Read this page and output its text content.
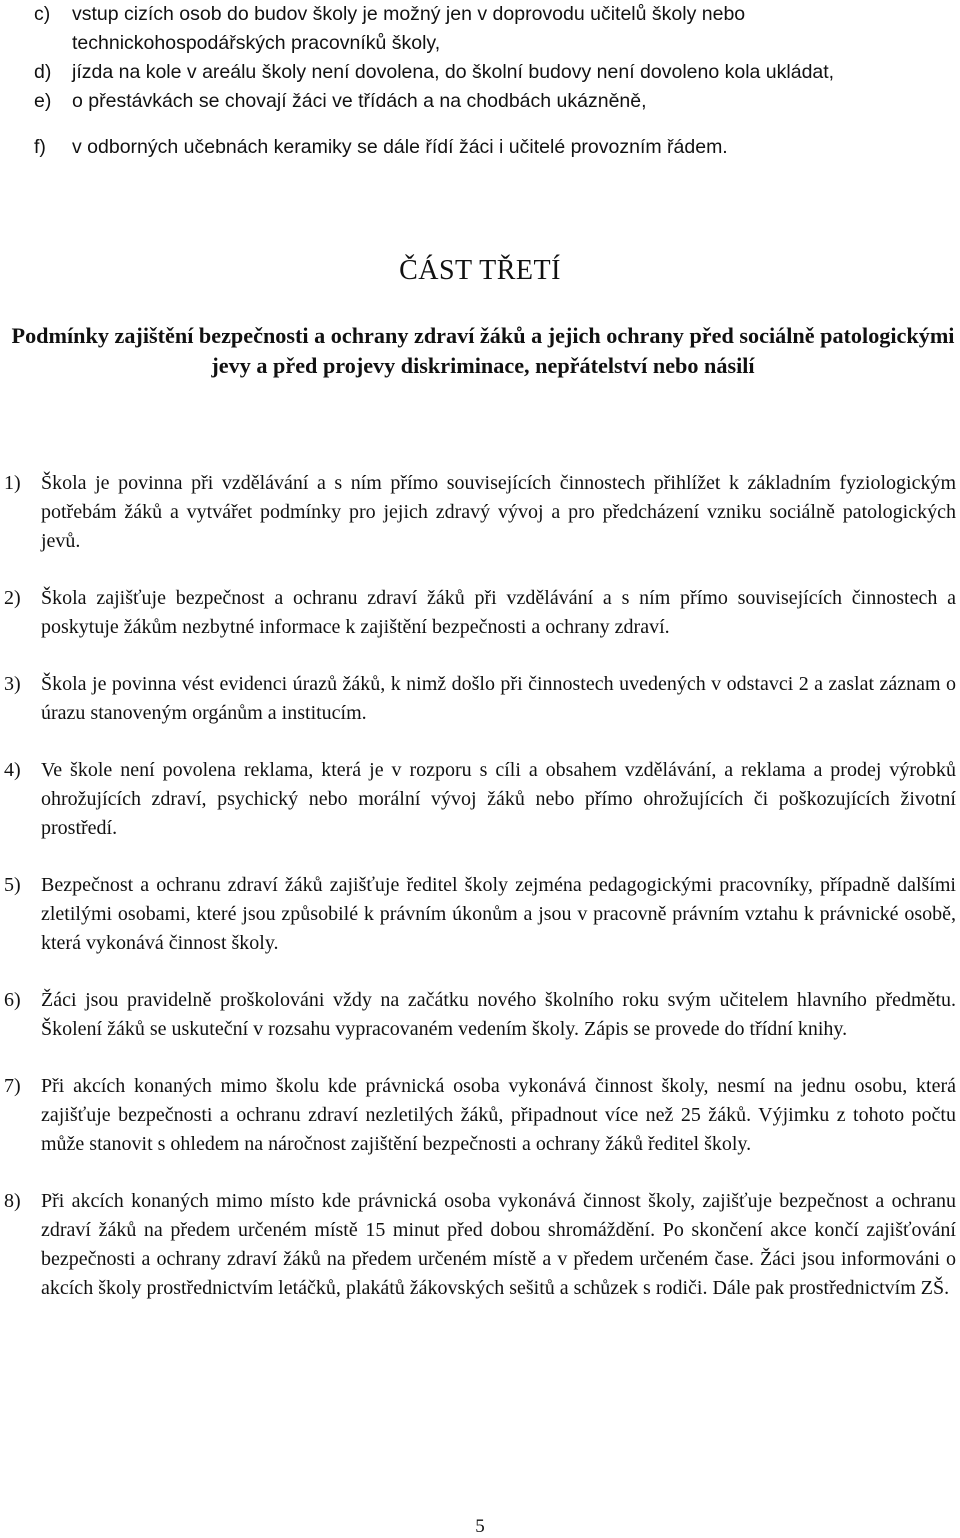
c) vstup cizích osob do budov školy je možný jen v doprovodu učitelů školy nebo technickohospodářských pracovníků školy,
d) jízda na kole v areálu školy není dovolena, do školní budovy není dovoleno kola ukládat,
e) o přestávkách se chovají žáci ve třídách a na chodbách ukázněně,
f) v odborných učebnách keramiky se dále řídí žáci i učitelé provozním řádem.
ČÁST TŘETÍ
Podmínky zajištění bezpečnosti a ochrany zdraví žáků a jejich ochrany před sociálně patologickými jevy a před projevy diskriminace, nepřátelství nebo násilí
1) Škola je povinna při vzdělávání a s ním přímo souvisejících činnostech přihlížet k základním fyziologickým potřebám žáků a vytvářet podmínky pro jejich zdravý vývoj a pro předcházení vzniku sociálně patologických jevů.
2) Škola zajišťuje bezpečnost a ochranu zdraví žáků při vzdělávání a s ním přímo souvisejících činnostech a poskytuje žákům nezbytné informace k zajištění bezpečnosti a ochrany zdraví.
3) Škola je povinna vést evidenci úrazů žáků, k nimž došlo při činnostech uvedených v odstavci 2 a zaslat záznam o úrazu stanoveným orgánům a institucím.
4) Ve škole není povolena reklama, která je v rozporu s cíli a obsahem vzdělávání, a reklama a prodej výrobků ohrožujících zdraví, psychický nebo morální vývoj žáků nebo přímo ohrožujících či poškozujících životní prostředí.
5) Bezpečnost a ochranu zdraví žáků zajišťuje ředitel školy zejména pedagogickými pracovníky, případně dalšími zletilými osobami, které jsou způsobilé k právním úkonům a jsou v pracovně právním vztahu k právnické osobě, která vykonává činnost školy.
6) Žáci jsou pravidelně proškolováni vždy na začátku nového školního roku svým učitelem hlavního předmětu. Školení žáků se uskuteční v rozsahu vypracovaném vedením školy. Zápis se provede do třídní knihy.
7) Při akcích konaných mimo školu kde právnická osoba vykonává činnost školy, nesmí na jednu osobu, která zajišťuje bezpečnosti a ochranu zdraví nezletilých žáků, připadnout více než 25 žáků. Výjimku z tohoto počtu může stanovit s ohledem na náročnost zajištění bezpečnosti a ochrany žáků ředitel školy.
8) Při akcích konaných mimo místo kde právnická osoba vykonává činnost školy, zajišťuje bezpečnost a ochranu zdraví žáků na předem určeném místě 15 minut před dobou shromáždění. Po skončení akce končí zajišťování bezpečnosti a ochrany zdraví žáků na předem určeném místě a v předem určeném čase. Žáci jsou informováni o akcích školy prostřednictvím letáčků, plakátů žákovských sešitů a schůzek s rodiči. Dále pak prostřednictvím ZŠ.
5
